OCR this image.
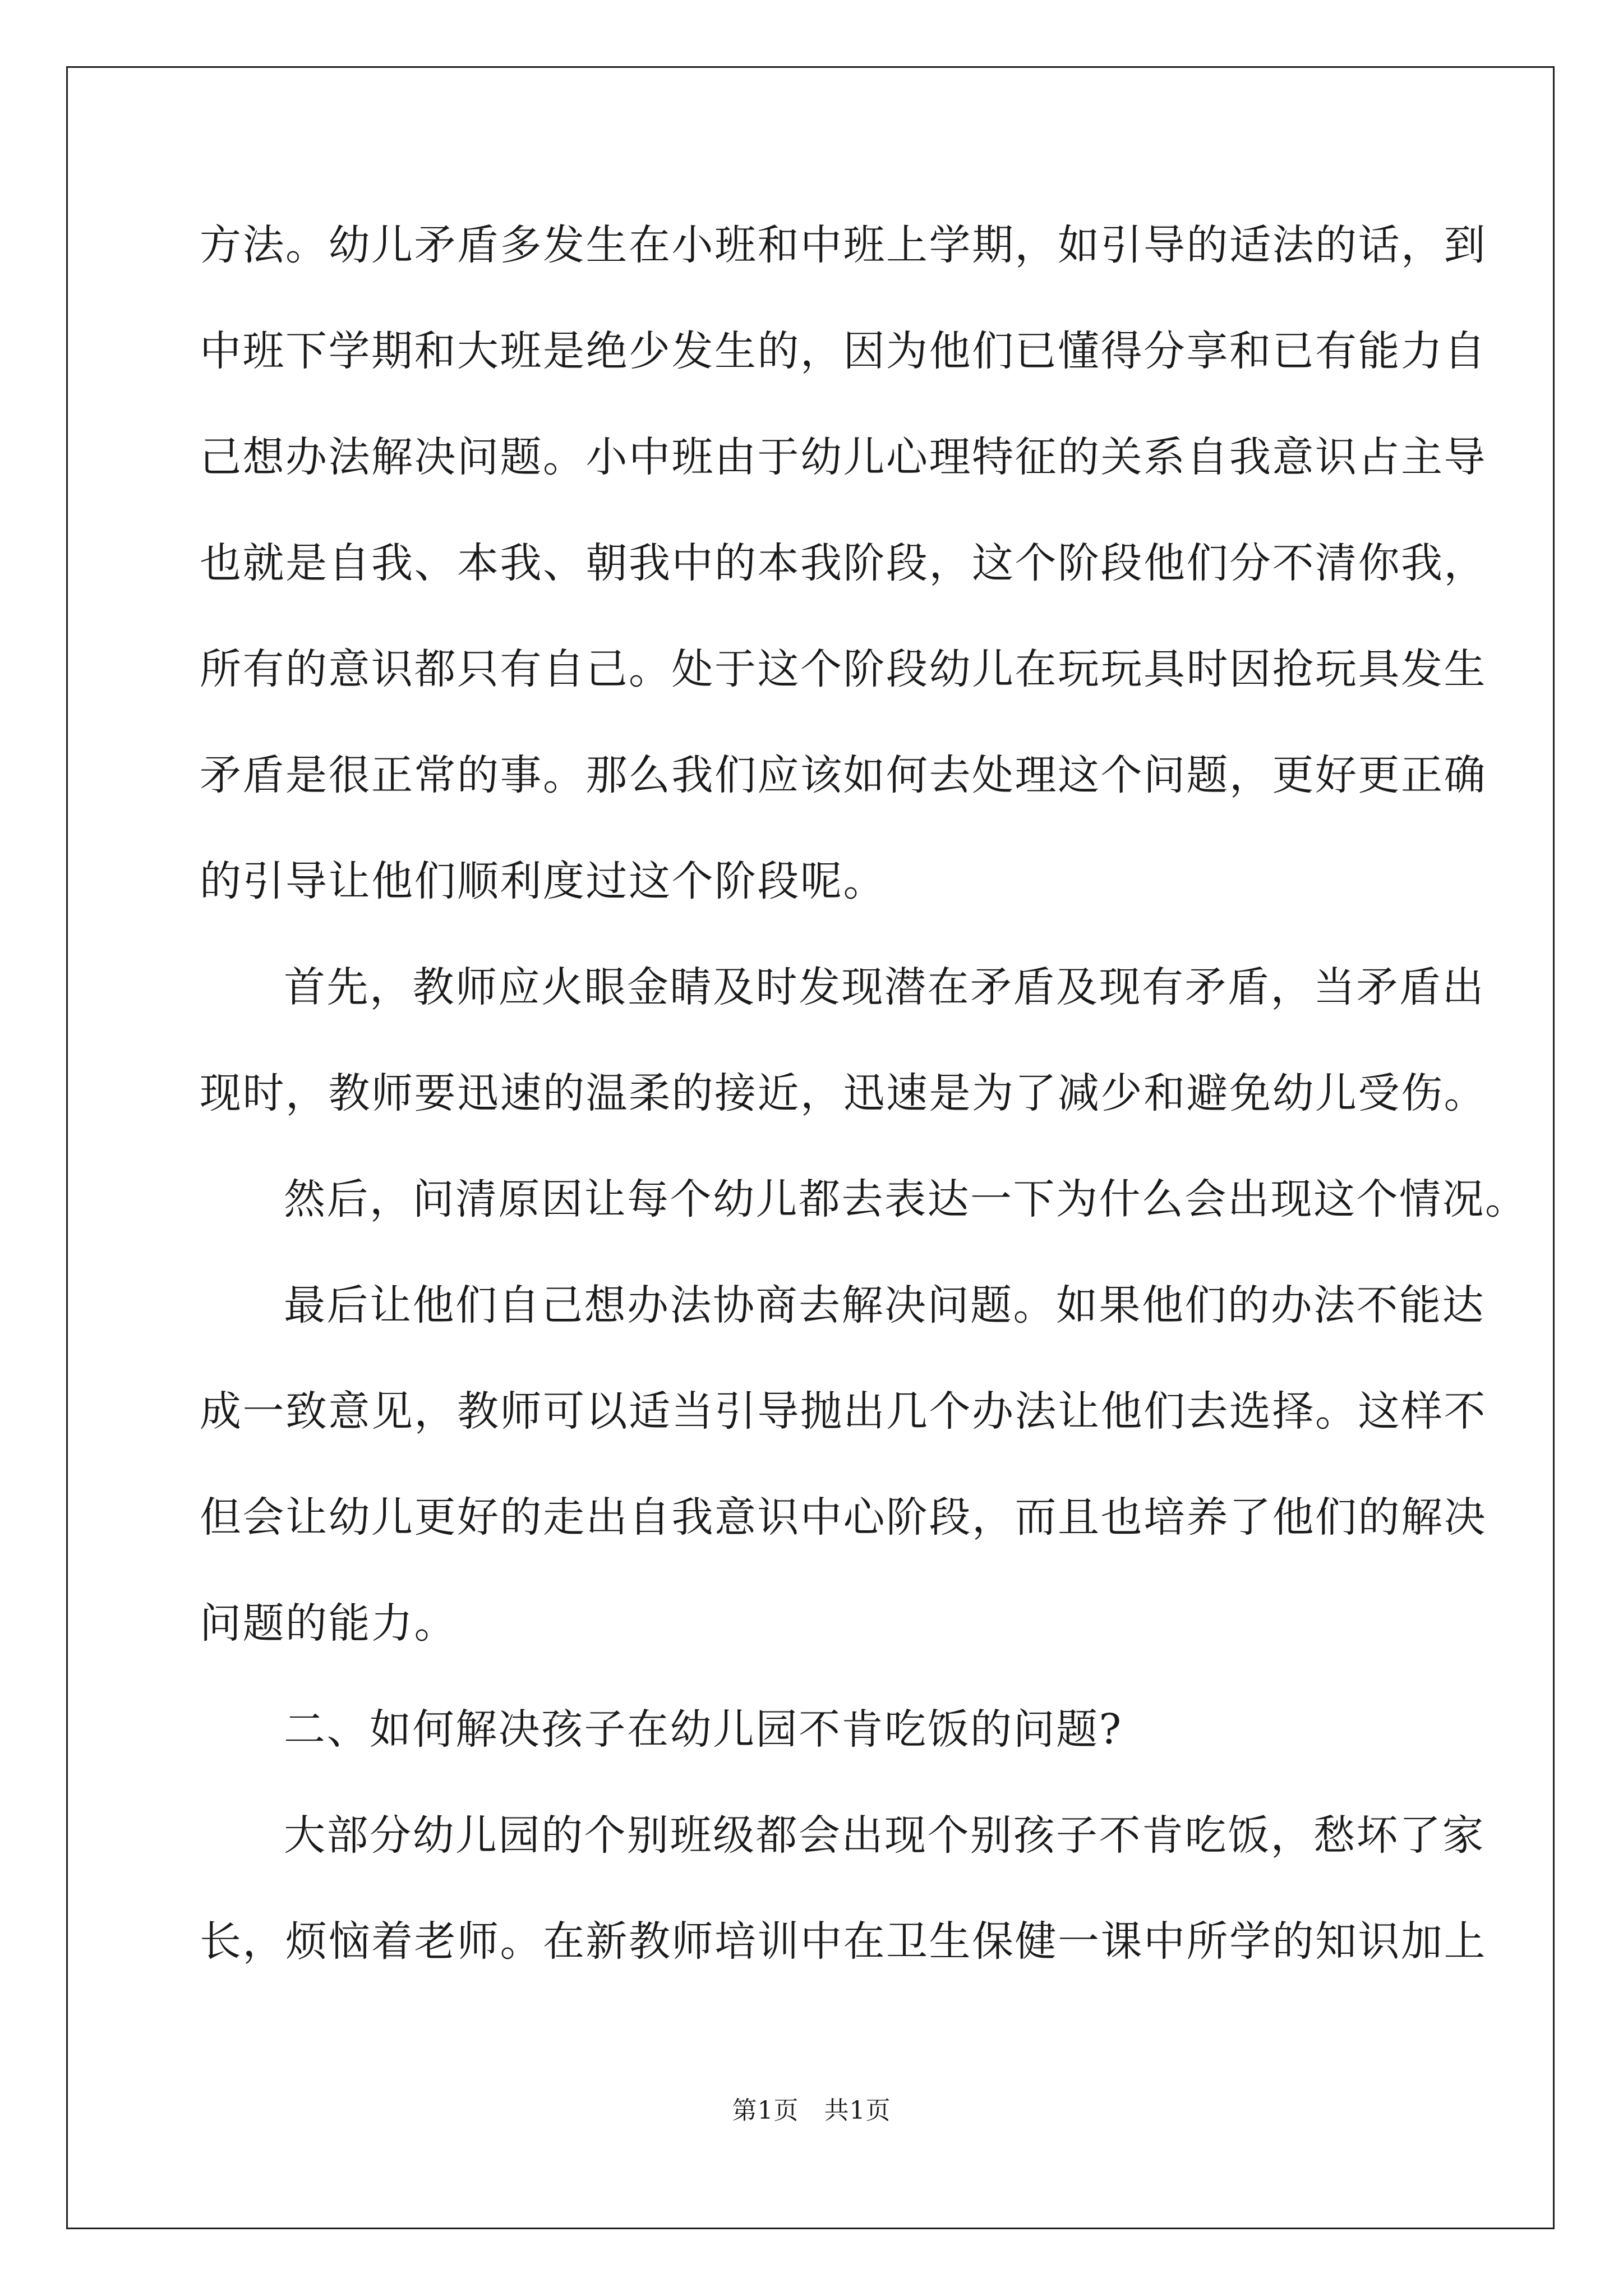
方法。幼儿矛盾多发生在小班和中班上学期，如引导的适法的话，到
中班下学期和大班是绝少发生的，因为他们已懂得分享和已有能力自
己想办法解决问题。小中班由于幼儿心理特征的关系自我意识占主导
也就是自我、本我、朝我中的本我阶段，这个阶段他们分不清你我，
所有的意识都只有自己。处于这个阶段幼儿在玩玩具时因抢玩具发生
矛盾是很正常的事。那么我们应该如何去处理这个问题，更好更正确
的引导让他们顺利度过这个阶段呢。
首先，教师应火眼金睛及时发现潜在矛盾及现有矛盾，当矛盾出
现时，教师要迅速的温柔的接近，迅速是为了减少和避免幼儿受伤。
然后，问清原因让每个幼儿都去表达一下为什么会出现这个情况。
最后让他们自己想办法协商去解决问题。如果他们的办法不能达
成一致意见，教师可以适当引导抛出几个办法让他们去选择。这样不
但会让幼儿更好的走出自我意识中心阶段，而且也培养了他们的解决
问题的能力。
二、如何解决孩子在幼儿园不肯吃饭的问题?
大部分幼儿园的个别班级都会出现个别孩子不肯吃饭，愁坏了家
长，烦恼着老师。在新教师培训中在卫生保健一课中所学的知识加上
第1页　共1页
